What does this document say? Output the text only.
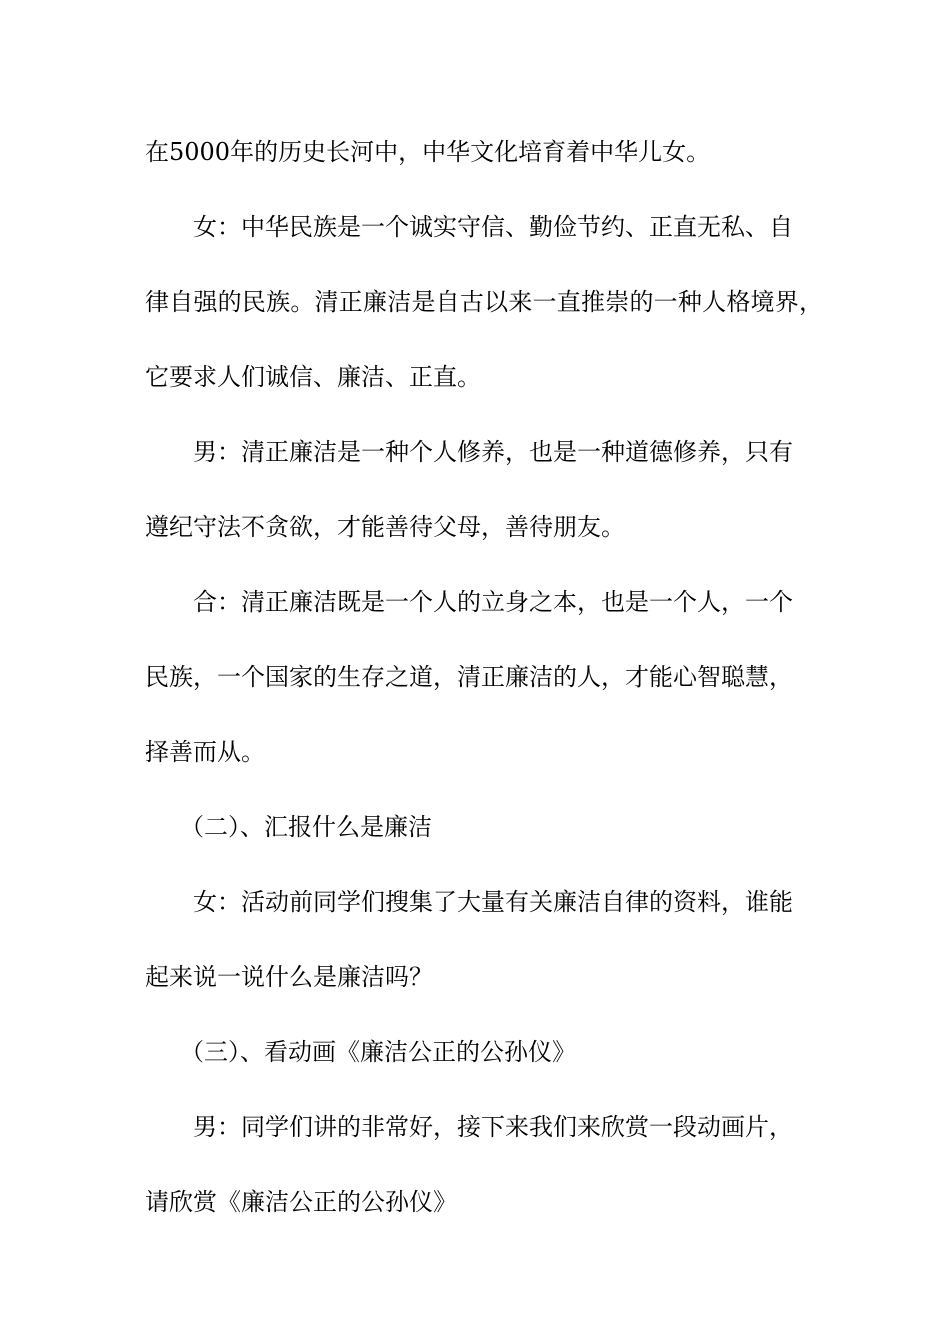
在5000年的历史长河中，中华文化培育着中华儿女。

女：中华民族是一个诚实守信、勤俭节约、正直无私、自

律自强的民族。清正廉洁是自古以来一直推崇的一种人格境界，

它要求人们诚信、廉洁、正直。

男：清正廉洁是一种个人修养，也是一种道德修养，只有

遵纪守法不贪欲，才能善待父母，善待朋友。

合：清正廉洁既是一个人的立身之本，也是一个人，一个

民族，一个国家的生存之道，清正廉洁的人，才能心智聪慧，

择善而从。

（二）、汇报什么是廉洁

女：活动前同学们搜集了大量有关廉洁自律的资料，谁能

起来说一说什么是廉洁吗？

（三）、看动画《廉洁公正的公孙仪》

男：同学们讲的非常好，接下来我们来欣赏一段动画片，

请欣赏《廉洁公正的公孙仪》
